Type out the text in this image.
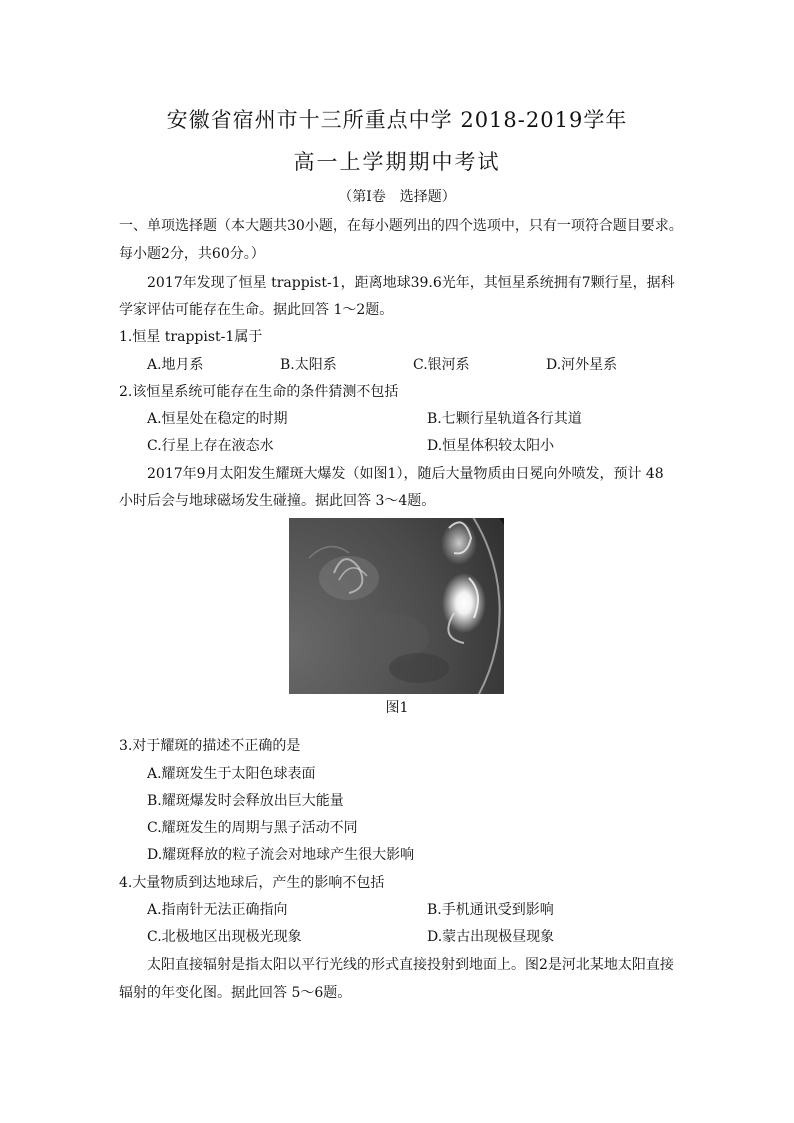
安徽省宿州市十三所重点中学 2018-2019学年
高一上学期期中考试
（第Ⅰ卷　选择题）
一、单项选择题（本大题共30小题，在每小题列出的四个选项中，只有一项符合题目要求。
每小题2分，共60分。）
2017年发现了恒星 trappist-1，距离地球39.6光年，其恒星系统拥有7颗行星，据科
学家评估可能存在生命。据此回答 1～2题。
1.恒星 trappist-1属于
A.地月系	B.太阳系	C.银河系	D.河外星系
2.该恒星系统可能存在生命的条件猜测不包括
A.恒星处在稳定的时期	B.七颗行星轨道各行其道
C.行星上存在液态水	D.恒星体积较太阳小
2017年9月太阳发生耀斑大爆发（如图1），随后大量物质由日冕向外喷发，预计 48
小时后会与地球磁场发生碰撞。据此回答 3～4题。
图1
3.对于耀斑的描述不正确的是
A.耀斑发生于太阳色球表面
B.耀斑爆发时会释放出巨大能量
C.耀斑发生的周期与黑子活动不同
D.耀斑释放的粒子流会对地球产生很大影响
4.大量物质到达地球后，产生的影响不包括
A.指南针无法正确指向	B.手机通讯受到影响
C.北极地区出现极光现象	D.蒙古出现极昼现象
太阳直接辐射是指太阳以平行光线的形式直接投射到地面上。图2是河北某地太阳直接
辐射的年变化图。据此回答 5～6题。
